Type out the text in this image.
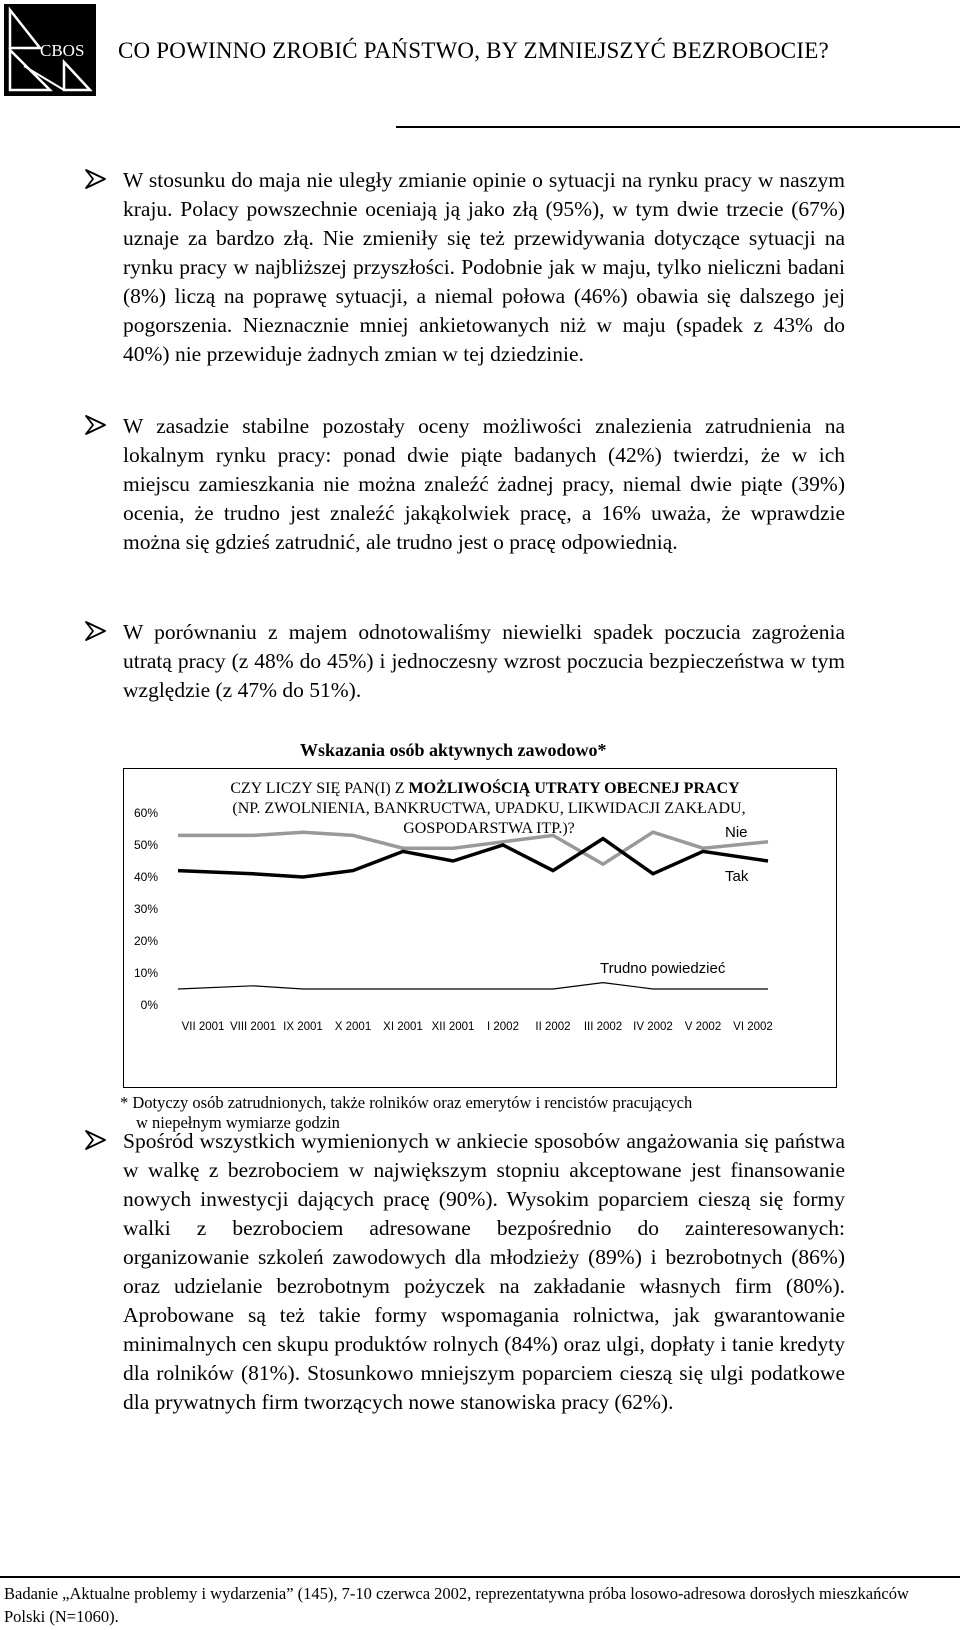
CBOS CO POWINNO ZROBIĆ PAŃSTWO, BY ZMNIEJSZYĆ BEZROBOCIE?

W stosunku do maja nie uległy zmianie opinie o sytuacji na rynku pracy w naszym kraju. Polacy powszechnie oceniają ją jako złą (95%), w tym dwie trzecie (67%) uznaje za bardzo złą. Nie zmieniły się też przewidywania dotyczące sytuacji na rynku pracy w najbliższej przyszłości. Podobnie jak w maju, tylko nieliczni badani (8%) liczą na poprawę sytuacji, a niemal połowa (46%) obawia się dalszego jej pogorszenia. Nieznacznie mniej ankietowanych niż w maju (spadek z 43% do 40%) nie przewiduje żadnych zmian w tej dziedzinie.

W zasadzie stabilne pozostały oceny możliwości znalezienia zatrudnienia na lokalnym rynku pracy: ponad dwie piąte badanych (42%) twierdzi, że w ich miejscu zamieszkania nie można znaleźć żadnej pracy, niemal dwie piąte (39%) ocenia, że trudno jest znaleźć jakąkolwiek pracę, a 16% uważa, że wprawdzie można się gdzieś zatrudnić, ale trudno jest o pracę odpowiednią.

W porównaniu z majem odnotowaliśmy niewielki spadek poczucia zagrożenia utratą pracy (z 48% do 45%) i jednoczesny wzrost poczucia bezpieczeństwa w tym względzie (z 47% do 51%).

Wskazania osób aktywnych zawodowo*
CZY LICZY SIĘ PAN(I) Z MOŻLIWOŚCIĄ UTRATY OBECNEJ PRACY
(NP. ZWOLNIENIA, BANKRUCTWA, UPADKU, LIKWIDACJI ZAKŁADU,
GOSPODARSTWA ITP.)?
0%
10%
20%
30%
40%
50%
60%
VII 2001 VIII 2001 IX 2001 X 2001 XI 2001 XII 2001 I 2002 II 2002 III 2002 IV 2002 V 2002 VI 2002
Nie
Tak
Trudno powiedzieć
* Dotyczy osób zatrudnionych, także rolników oraz emerytów i rencistów pracujących
w niepełnym wymiarze godzin

Spośród wszystkich wymienionych w ankiecie sposobów angażowania się państwa w walkę z bezrobociem w największym stopniu akceptowane jest finansowanie nowych inwestycji dających pracę (90%). Wysokim poparciem cieszą się formy walki z bezrobociem adresowane bezpośrednio do zainteresowanych: organizowanie szkoleń zawodowych dla młodzieży (89%) i bezrobotnych (86%) oraz udzielanie bezrobotnym pożyczek na zakładanie własnych firm (80%). Aprobowane są też takie formy wspomagania rolnictwa, jak gwarantowanie minimalnych cen skupu produktów rolnych (84%) oraz ulgi, dopłaty i tanie kredyty dla rolników (81%). Stosunkowo mniejszym poparciem cieszą się ulgi podatkowe dla prywatnych firm tworzących nowe stanowiska pracy (62%).

Badanie „Aktualne problemy i wydarzenia” (145), 7-10 czerwca 2002, reprezentatywna próba losowo-adresowa dorosłych mieszkańców Polski (N=1060).
